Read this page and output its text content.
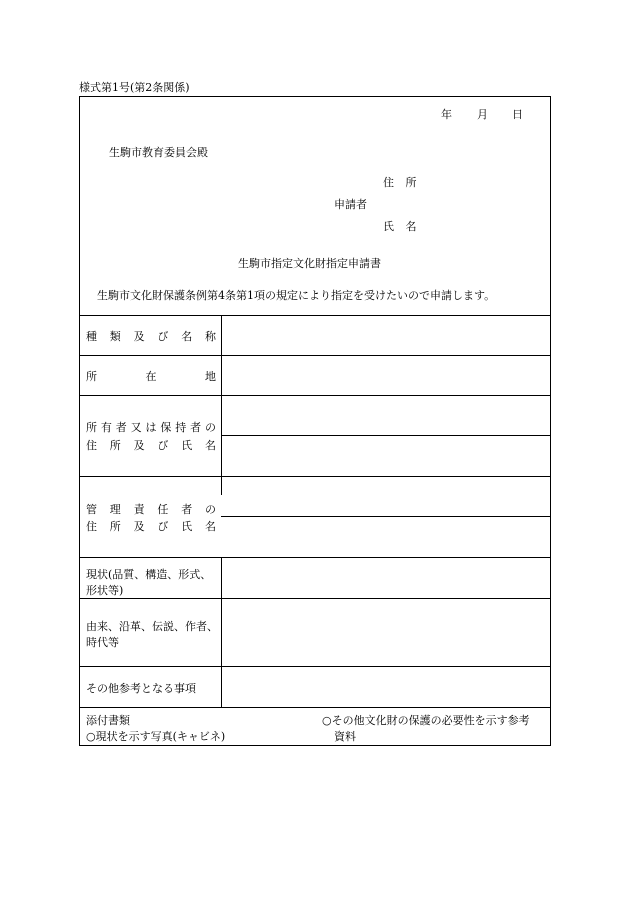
様式第1号(第2条関係)
年 月 日
生駒市教育委員会殿
住 所
申請者
氏 名
生駒市指定文化財指定申請書
生駒市文化財保護条例第4条第1項の規定により指定を受けたいので申請します。
種 類 及 び 名 称
所	在	地
所 有 者 又 は 保 持 者 の
住 所 及 び 氏 名
管 理 責 任 者 の
住 所 及 び 氏 名
現状(品質、構造、形式、
形状等)
由来、沿革、伝説、作者、
時代等
その他参考となる事項
添付書類
○現状を示す写真(キャビネ)
○その他文化財の保護の必要性を示す参考
資料
